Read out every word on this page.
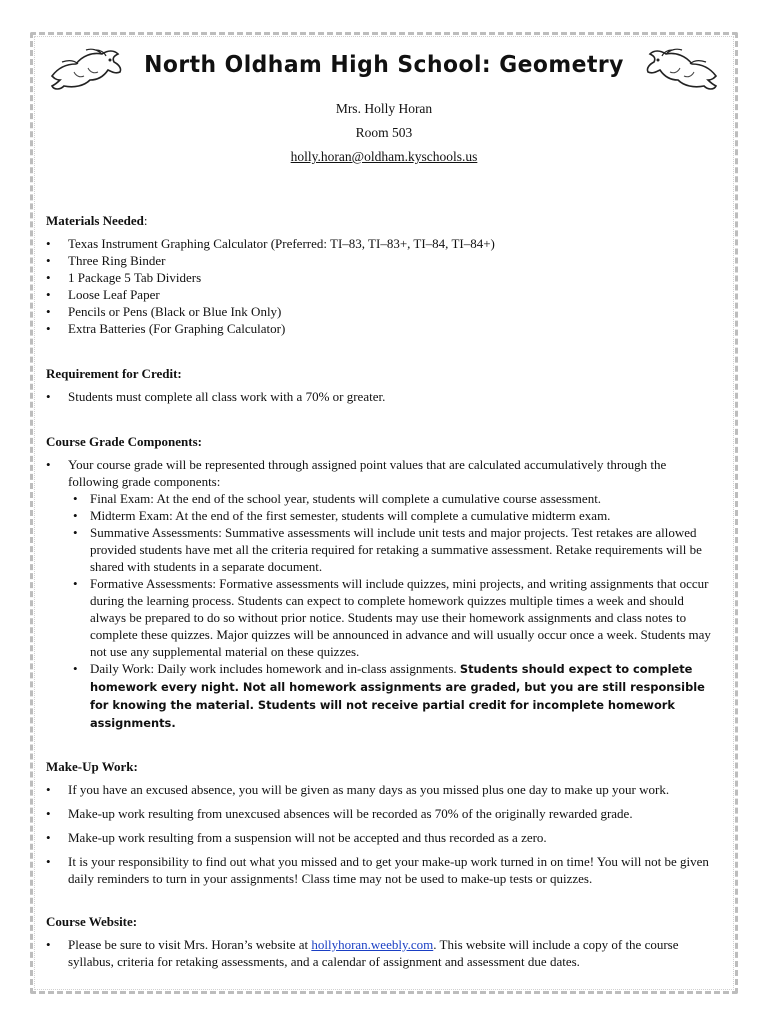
North Oldham High School: Geometry
Mrs. Holly Horan
Room 503
holly.horan@oldham.kyschools.us
Materials Needed:
• Texas Instrument Graphing Calculator (Preferred: TI–83, TI–83+, TI–84, TI–84+)
• Three Ring Binder
• 1 Package 5 Tab Dividers
• Loose Leaf Paper
• Pencils or Pens (Black or Blue Ink Only)
• Extra Batteries (For Graphing Calculator)
Requirement for Credit:
• Students must complete all class work with a 70% or greater.
Course Grade Components:
• Your course grade will be represented through assigned point values that are calculated accumulatively through the following grade components:
• Final Exam: At the end of the school year, students will complete a cumulative course assessment.
• Midterm Exam: At the end of the first semester, students will complete a cumulative midterm exam.
• Summative Assessments: Summative assessments will include unit tests and major projects. Test retakes are allowed provided students have met all the criteria required for retaking a summative assessment. Retake requirements will be shared with students in a separate document.
• Formative Assessments: Formative assessments will include quizzes, mini projects, and writing assignments that occur during the learning process. Students can expect to complete homework quizzes multiple times a week and should always be prepared to do so without prior notice. Students may use their homework assignments and class notes to complete these quizzes. Major quizzes will be announced in advance and will usually occur once a week. Students may not use any supplemental material on these quizzes.
• Daily Work: Daily work includes homework and in-class assignments. Students should expect to complete homework every night. Not all homework assignments are graded, but you are still responsible for knowing the material. Students will not receive partial credit for incomplete homework assignments.
Make-Up Work:
• If you have an excused absence, you will be given as many days as you missed plus one day to make up your work.
• Make-up work resulting from unexcused absences will be recorded as 70% of the originally rewarded grade.
• Make-up work resulting from a suspension will not be accepted and thus recorded as a zero.
• It is your responsibility to find out what you missed and to get your make-up work turned in on time! You will not be given daily reminders to turn in your assignments! Class time may not be used to make-up tests or quizzes.
Course Website:
• Please be sure to visit Mrs. Horan’s website at hollyhoran.weebly.com. This website will include a copy of the course syllabus, criteria for retaking assessments, and a calendar of assignment and assessment due dates.
